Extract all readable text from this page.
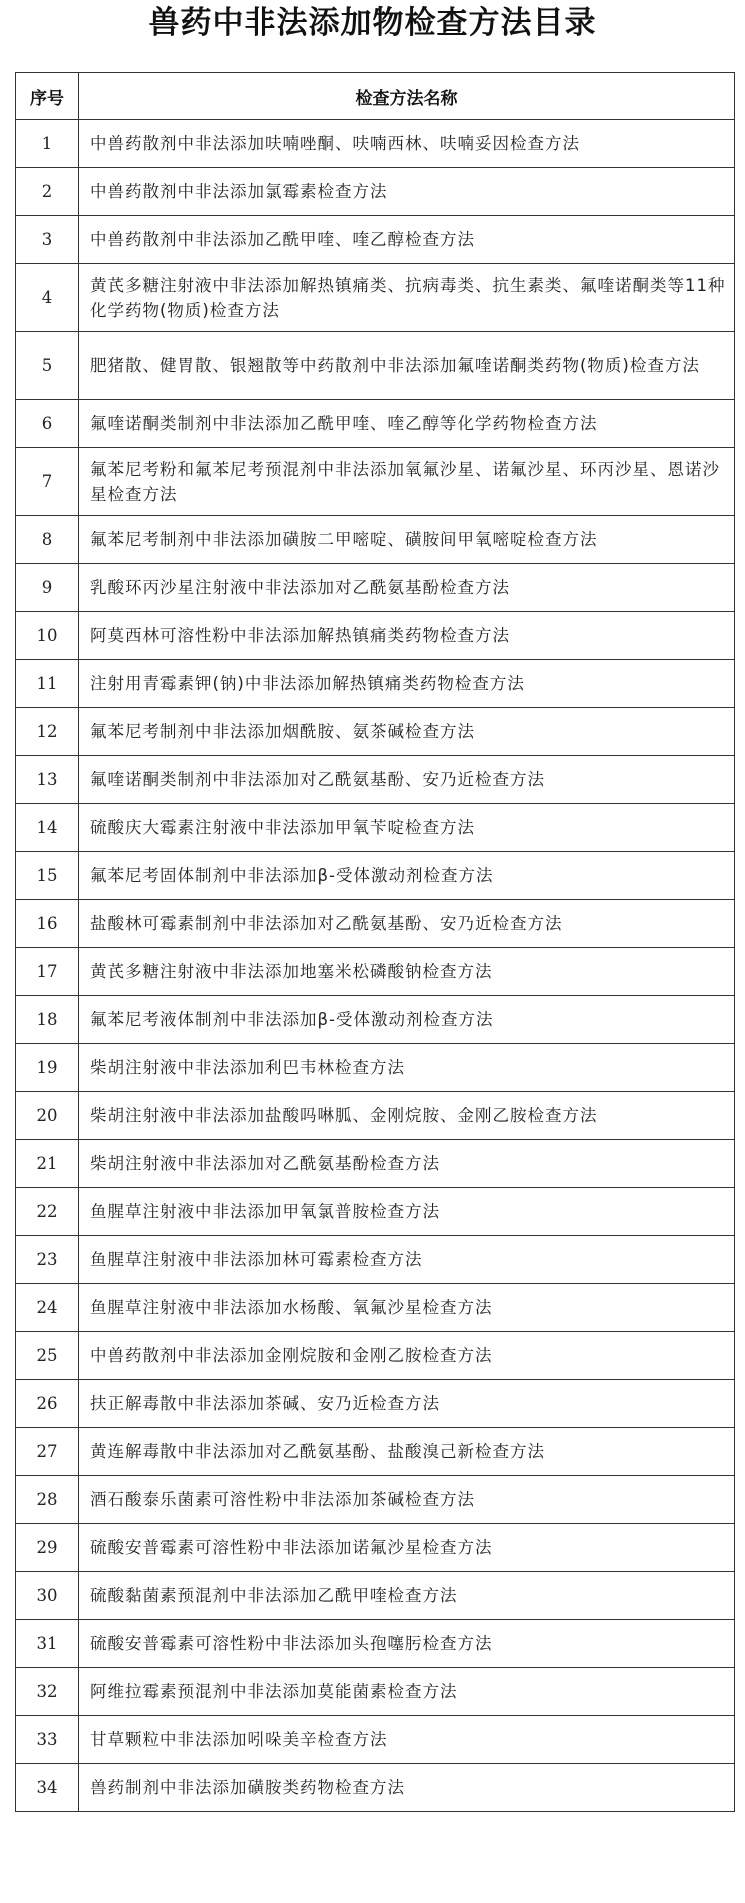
兽药中非法添加物检查方法目录
序号	检查方法名称
1	中兽药散剂中非法添加呋喃唑酮、呋喃西林、呋喃妥因检查方法
2	中兽药散剂中非法添加氯霉素检查方法
3	中兽药散剂中非法添加乙酰甲喹、喹乙醇检查方法
4	黄芪多糖注射液中非法添加解热镇痛类、抗病毒类、抗生素类、氟喹诺酮类等11种化学药物(物质)检查方法
5	肥猪散、健胃散、银翘散等中药散剂中非法添加氟喹诺酮类药物(物质)检查方法
6	氟喹诺酮类制剂中非法添加乙酰甲喹、喹乙醇等化学药物检查方法
7	氟苯尼考粉和氟苯尼考预混剂中非法添加氧氟沙星、诺氟沙星、环丙沙星、恩诺沙星检查方法
8	氟苯尼考制剂中非法添加磺胺二甲嘧啶、磺胺间甲氧嘧啶检查方法
9	乳酸环丙沙星注射液中非法添加对乙酰氨基酚检查方法
10	阿莫西林可溶性粉中非法添加解热镇痛类药物检查方法
11	注射用青霉素钾(钠)中非法添加解热镇痛类药物检查方法
12	氟苯尼考制剂中非法添加烟酰胺、氨茶碱检查方法
13	氟喹诺酮类制剂中非法添加对乙酰氨基酚、安乃近检查方法
14	硫酸庆大霉素注射液中非法添加甲氧苄啶检查方法
15	氟苯尼考固体制剂中非法添加β-受体激动剂检查方法
16	盐酸林可霉素制剂中非法添加对乙酰氨基酚、安乃近检查方法
17	黄芪多糖注射液中非法添加地塞米松磷酸钠检查方法
18	氟苯尼考液体制剂中非法添加β-受体激动剂检查方法
19	柴胡注射液中非法添加利巴韦林检查方法
20	柴胡注射液中非法添加盐酸吗啉胍、金刚烷胺、金刚乙胺检查方法
21	柴胡注射液中非法添加对乙酰氨基酚检查方法
22	鱼腥草注射液中非法添加甲氧氯普胺检查方法
23	鱼腥草注射液中非法添加林可霉素检查方法
24	鱼腥草注射液中非法添加水杨酸、氧氟沙星检查方法
25	中兽药散剂中非法添加金刚烷胺和金刚乙胺检查方法
26	扶正解毒散中非法添加茶碱、安乃近检查方法
27	黄连解毒散中非法添加对乙酰氨基酚、盐酸溴己新检查方法
28	酒石酸泰乐菌素可溶性粉中非法添加茶碱检查方法
29	硫酸安普霉素可溶性粉中非法添加诺氟沙星检查方法
30	硫酸黏菌素预混剂中非法添加乙酰甲喹检查方法
31	硫酸安普霉素可溶性粉中非法添加头孢噻肟检查方法
32	阿维拉霉素预混剂中非法添加莫能菌素检查方法
33	甘草颗粒中非法添加吲哚美辛检查方法
34	兽药制剂中非法添加磺胺类药物检查方法
